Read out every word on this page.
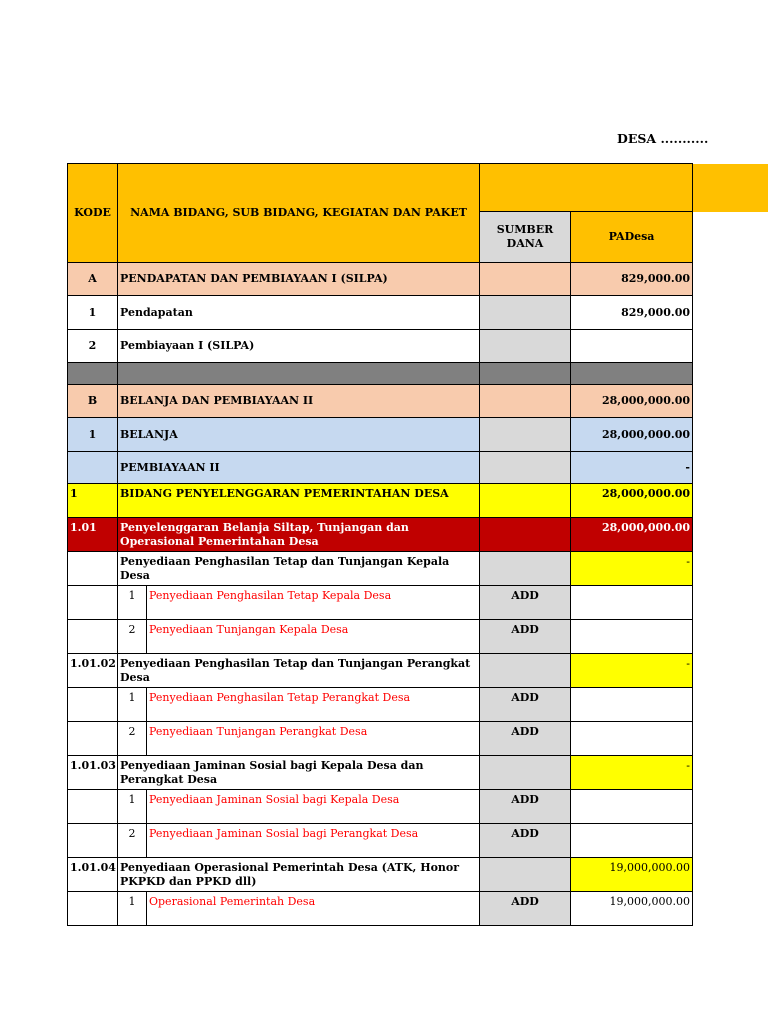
DESA ...........
KODE	NAMA BIDANG, SUB BIDANG, KEGIATAN DAN PAKET			
			SUMBER DANA	PADesa
A	PENDAPATAN DAN PEMBIAYAAN I (SILPA)			829,000.00
1	Pendapatan			829,000.00
2	Pembiayaan I (SILPA)			

B	BELANJA DAN PEMBIAYAAN II			28,000,000.00
1	BELANJA			28,000,000.00
	PEMBIAYAAN II			-
1	BIDANG PENYELENGGARAN PEMERINTAHAN DESA			28,000,000.00
1.01	Penyelenggaran Belanja Siltap, Tunjangan dan Operasional Pemerintahan Desa			28,000,000.00
	Penyediaan Penghasilan Tetap dan Tunjangan Kepala Desa			-
	1	Penyediaan Penghasilan Tetap Kepala Desa	ADD	
	2	Penyediaan Tunjangan Kepala Desa	ADD	
1.01.02	Penyediaan Penghasilan Tetap dan Tunjangan Perangkat Desa			-
	1	Penyediaan Penghasilan Tetap Perangkat Desa	ADD	
	2	Penyediaan Tunjangan Perangkat Desa	ADD	
1.01.03	Penyediaan Jaminan Sosial bagi Kepala Desa dan Perangkat Desa			-
	1	Penyediaan Jaminan Sosial bagi Kepala Desa	ADD	
	2	Penyediaan Jaminan Sosial bagi Perangkat Desa	ADD	
1.01.04	Penyediaan Operasional Pemerintah Desa (ATK, Honor PKPKD dan PPKD dll)			19,000,000.00
	1	Operasional Pemerintah Desa	ADD	19,000,000.00
